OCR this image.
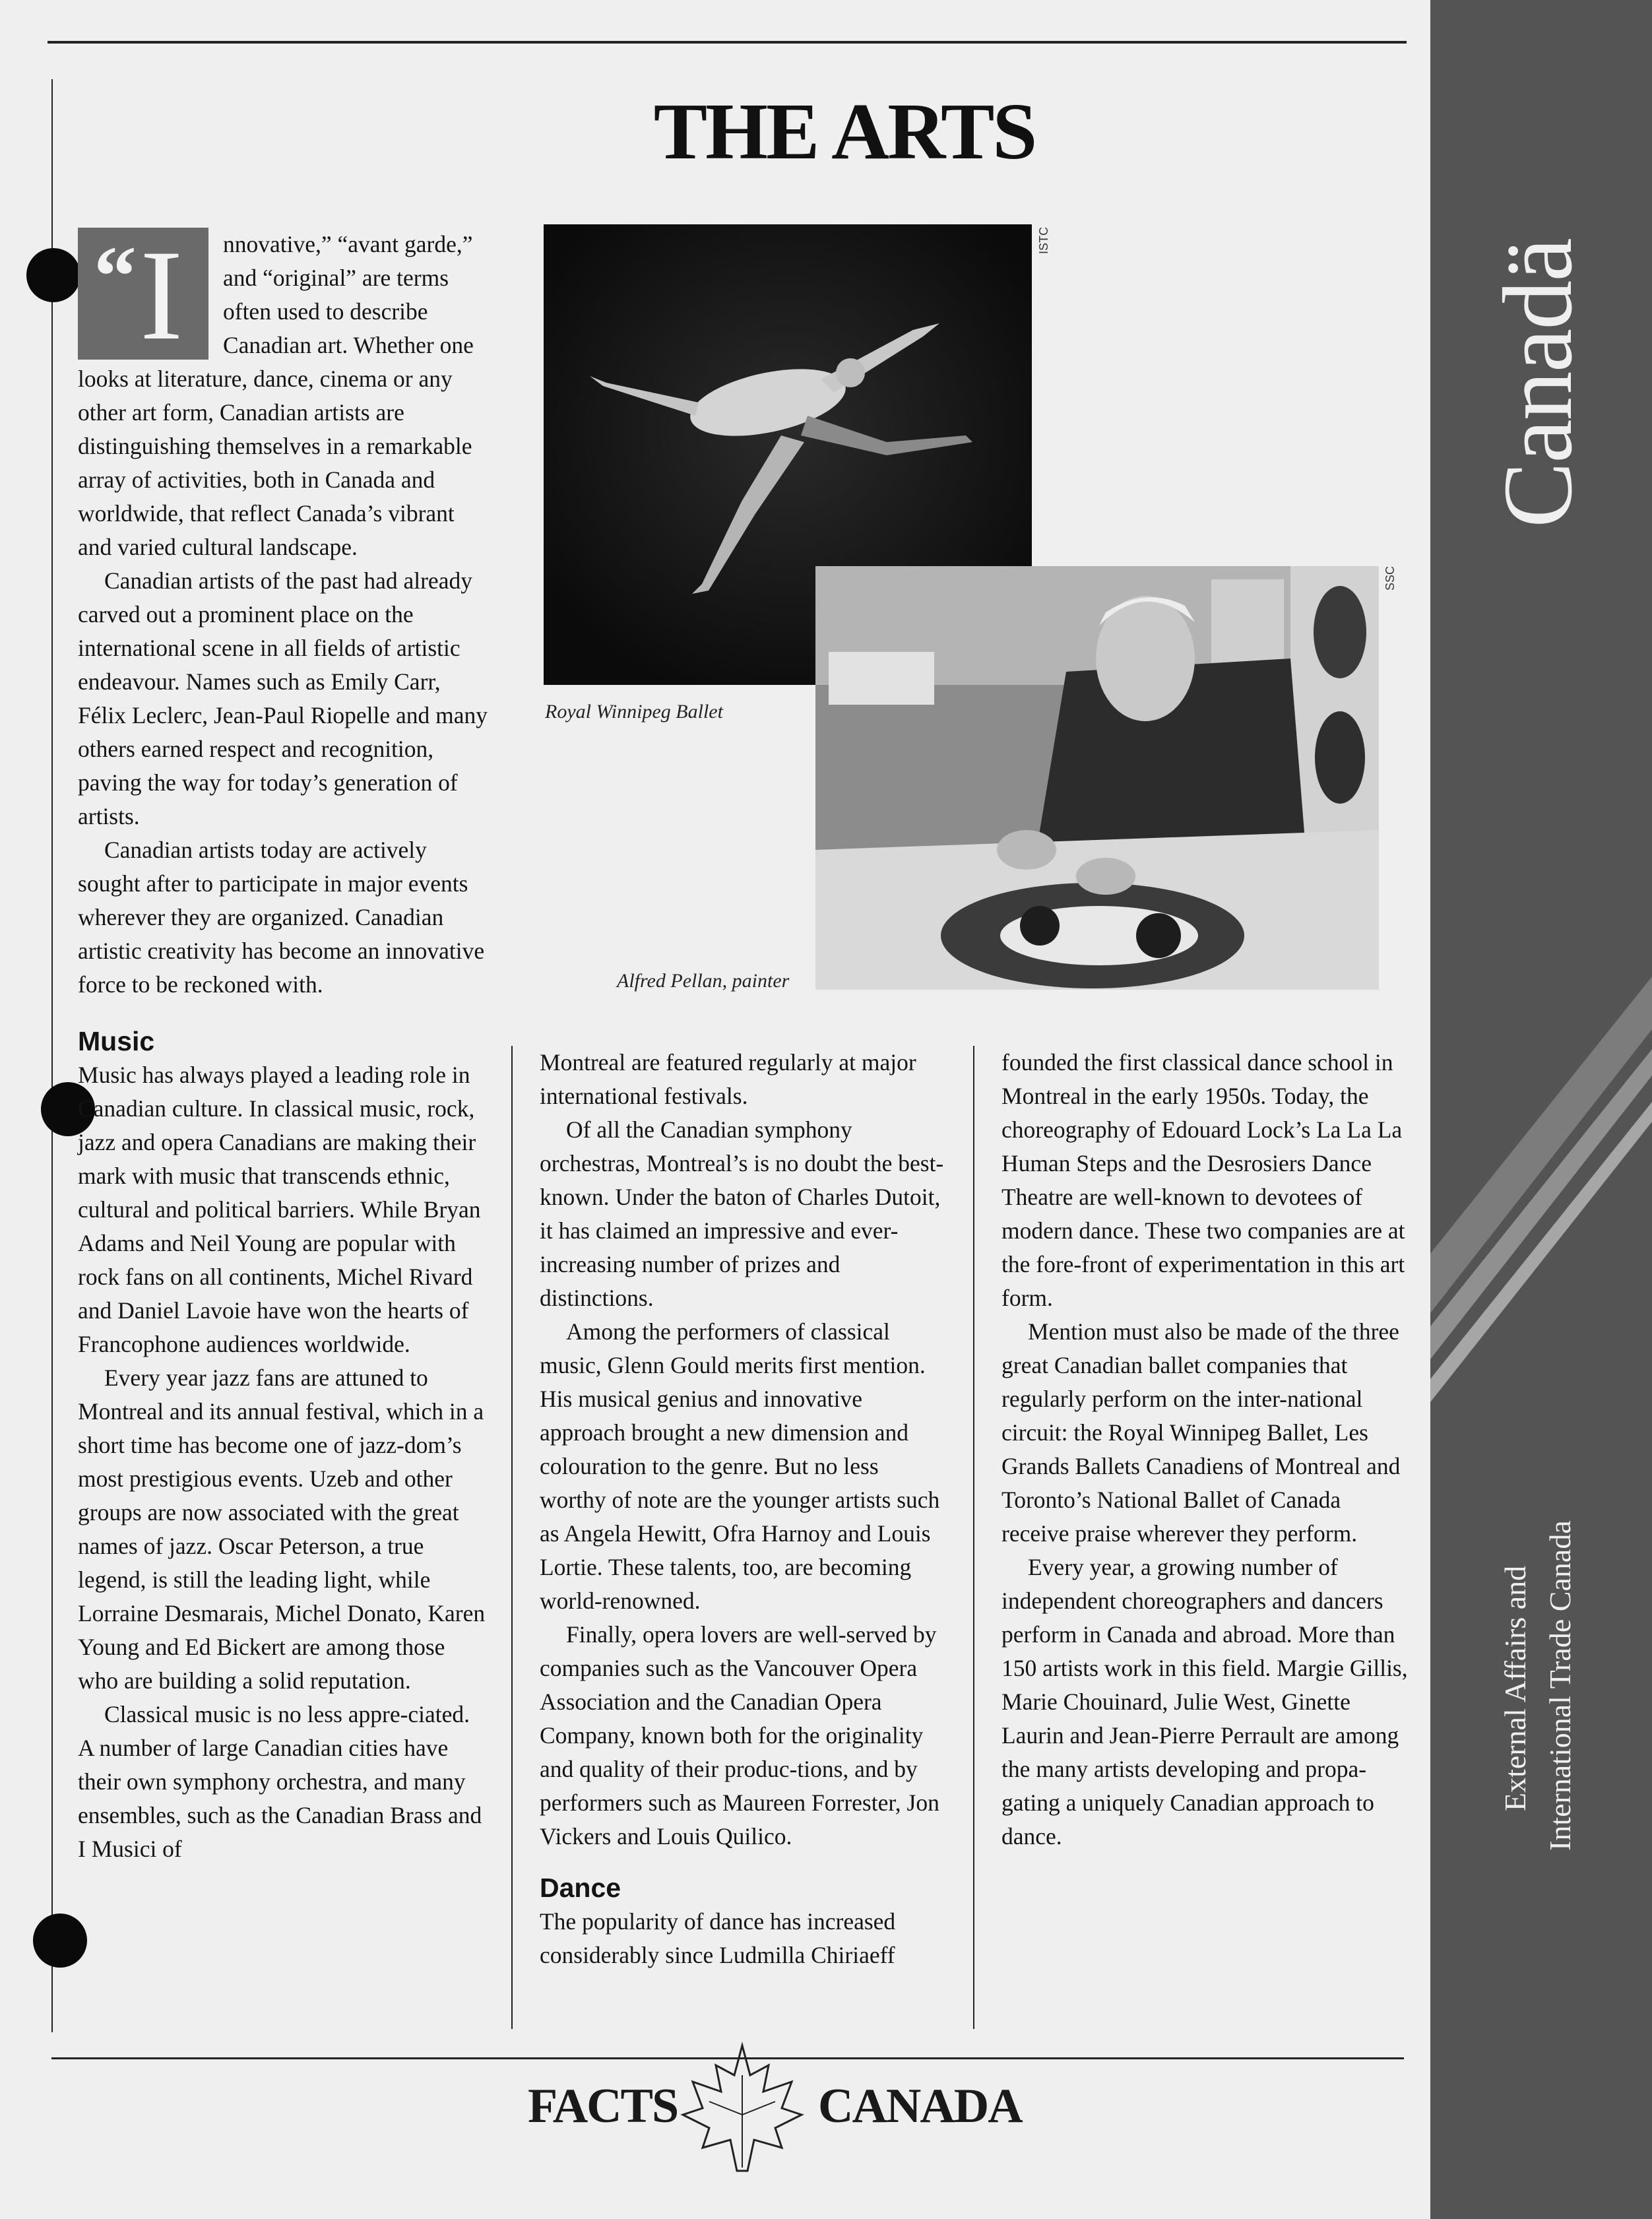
THE ARTS

“ I nnovative,” “avant garde,” and “original” are terms often used to describe Canadian art. Whether one looks at literature, dance, cinema or any other art form, Canadian artists are distinguishing themselves in a remarkable array of activities, both in Canada and worldwide, that reflect Canada’s vibrant and varied cultural landscape.

Canadian artists of the past had already carved out a prominent place on the international scene in all fields of artistic endeavour. Names such as Emily Carr, Félix Leclerc, Jean-Paul Riopelle and many others earned respect and recognition, paving the way for today’s generation of artists.

Canadian artists today are actively sought after to participate in major events wherever they are organized. Canadian artistic creativity has become an innovative force to be reckoned with.

Music

Music has always played a leading role in Canadian culture. In classical music, rock, jazz and opera Canadians are making their mark with music that transcends ethnic, cultural and political barriers. While Bryan Adams and Neil Young are popular with rock fans on all continents, Michel Rivard and Daniel Lavoie have won the hearts of Francophone audiences worldwide.

Every year jazz fans are attuned to Montreal and its annual festival, which in a short time has become one of jazz-dom’s most prestigious events. Uzeb and other groups are now associated with the great names of jazz. Oscar Peterson, a true legend, is still the leading light, while Lorraine Desmarais, Michel Donato, Karen Young and Ed Bickert are among those who are building a solid reputation.

Classical music is no less appre-ciated. A number of large Canadian cities have their own symphony orchestra, and many ensembles, such as the Canadian Brass and I Musici of

ISTC
Royal Winnipeg Ballet
SSC
Alfred Pellan, painter

Montreal are featured regularly at major international festivals.

Of all the Canadian symphony orchestras, Montreal’s is no doubt the best-known. Under the baton of Charles Dutoit, it has claimed an impressive and ever-increasing number of prizes and distinctions.

Among the performers of classical music, Glenn Gould merits first mention. His musical genius and innovative approach brought a new dimension and colouration to the genre. But no less worthy of note are the younger artists such as Angela Hewitt, Ofra Harnoy and Louis Lortie. These talents, too, are becoming world-renowned.

Finally, opera lovers are well-served by companies such as the Vancouver Opera Association and the Canadian Opera Company, known both for the originality and quality of their produc-tions, and by performers such as Maureen Forrester, Jon Vickers and Louis Quilico.

Dance

The popularity of dance has increased considerably since Ludmilla Chiriaeff

founded the first classical dance school in Montreal in the early 1950s. Today, the choreography of Edouard Lock’s La La La Human Steps and the Desrosiers Dance Theatre are well-known to devotees of modern dance. These two companies are at the fore-front of experimentation in this art form.

Mention must also be made of the three great Canadian ballet companies that regularly perform on the inter-national circuit: the Royal Winnipeg Ballet, Les Grands Ballets Canadiens of Montreal and Toronto’s National Ballet of Canada receive praise wherever they perform.

Every year, a growing number of independent choreographers and dancers perform in Canada and abroad. More than 150 artists work in this field. Margie Gillis, Marie Chouinard, Julie West, Ginette Laurin and Jean-Pierre Perrault are among the many artists developing and propa-gating a uniquely Canadian approach to dance.

FACTS	CANADA
Canadä
External Affairs and International Trade Canada
